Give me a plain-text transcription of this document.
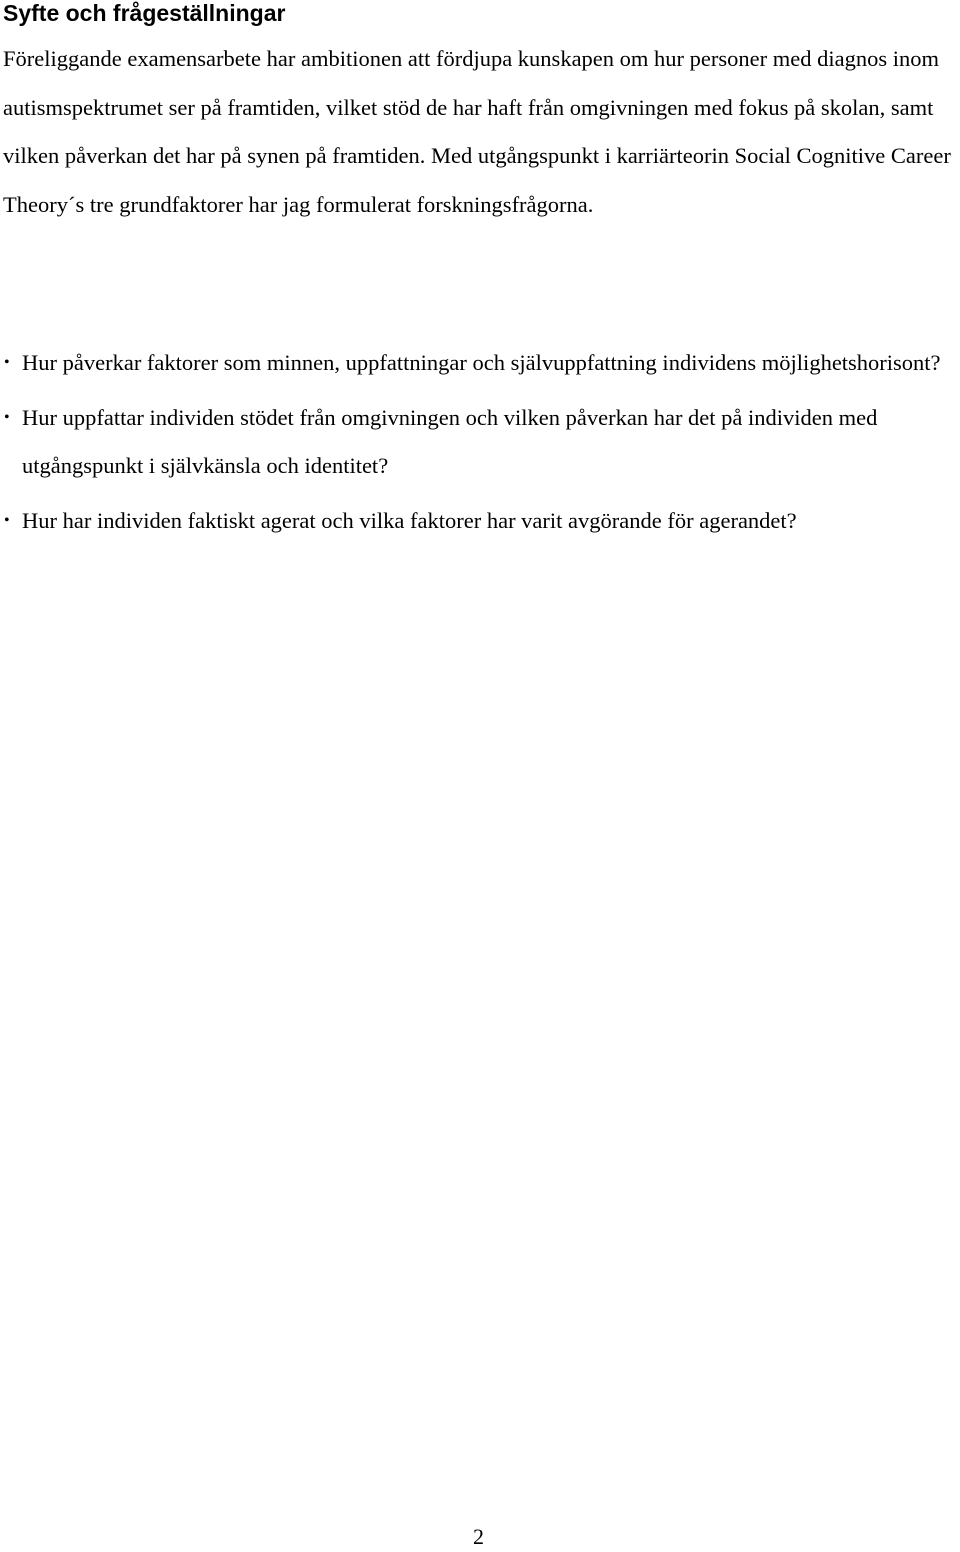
Syfte och frågeställningar

Föreliggande examensarbete har ambitionen att fördjupa kunskapen om hur personer med diagnos inom autismspektrumet ser på framtiden, vilket stöd de har haft från omgivningen med fokus på skolan, samt vilken påverkan det har på synen på framtiden. Med utgångspunkt i karriärteorin Social Cognitive Career Theory´s tre grundfaktorer har jag formulerat forskningsfrågorna.

• Hur påverkar faktorer som minnen, uppfattningar och självuppfattning individens möjlighetshorisont?
• Hur uppfattar individen stödet från omgivningen och vilken påverkan har det på individen med utgångspunkt i självkänsla och identitet?
• Hur har individen faktiskt agerat och vilka faktorer har varit avgörande för agerandet?
2
